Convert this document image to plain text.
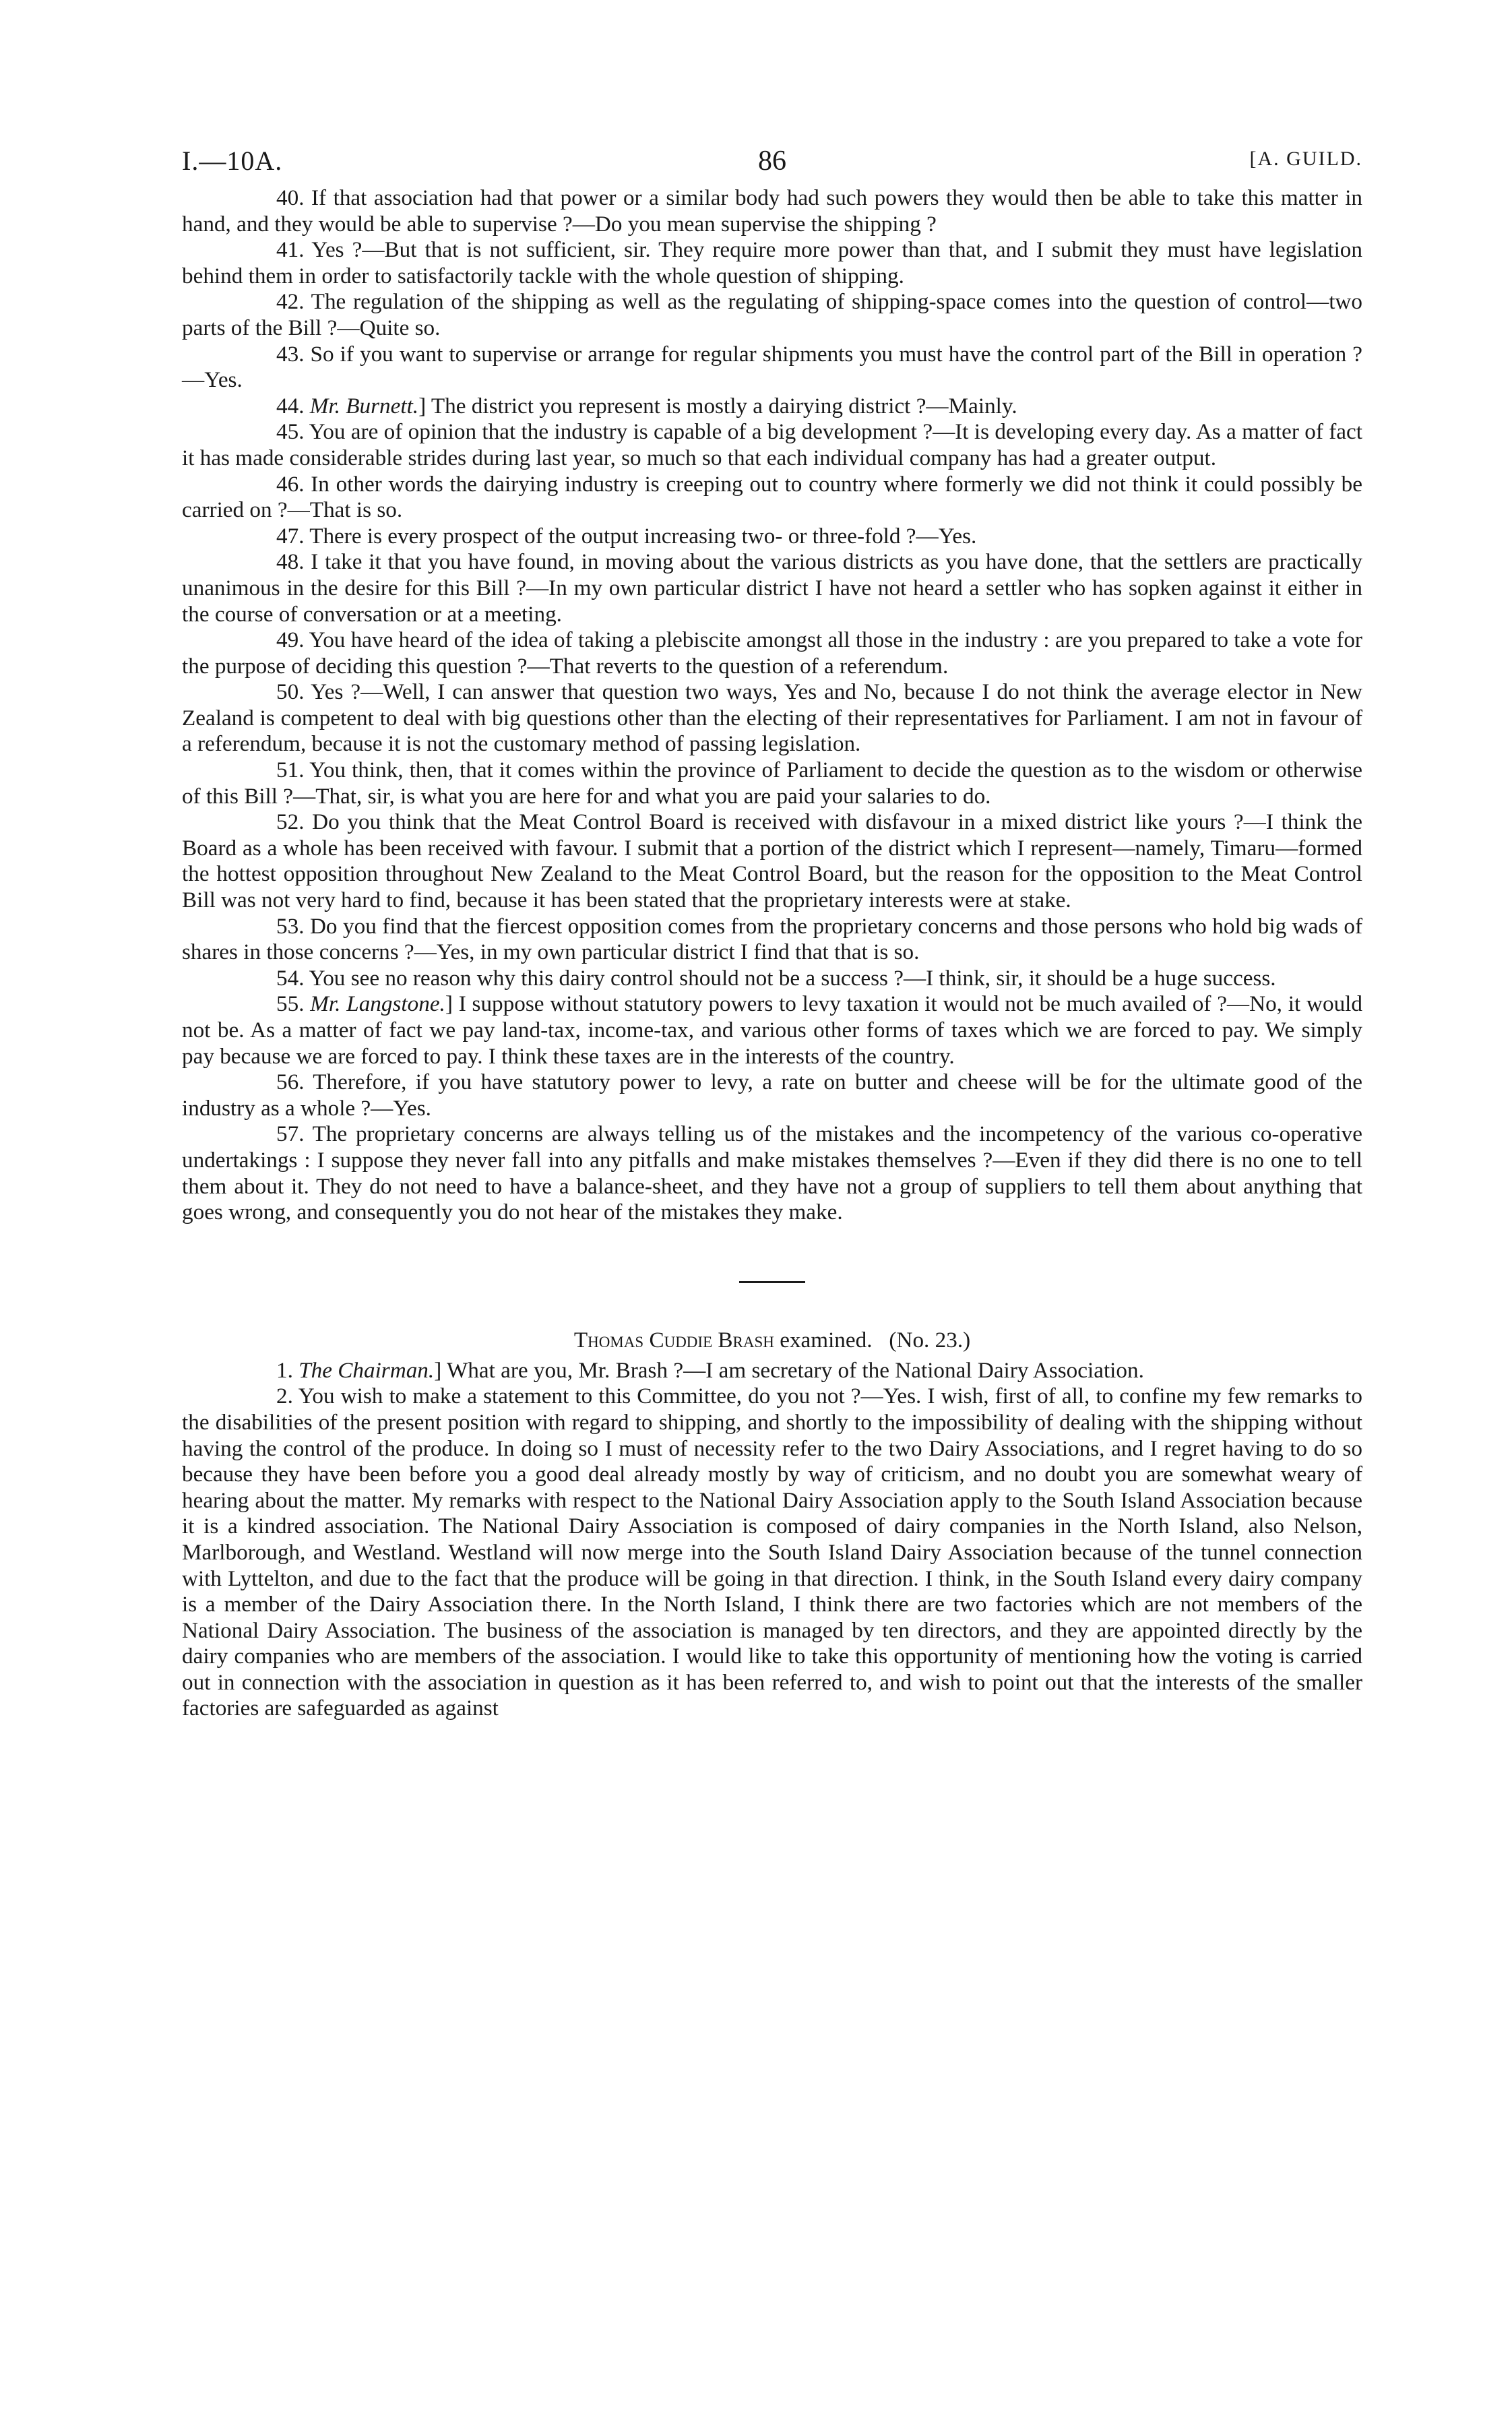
I.—10A.	86	[A. GUILD.

40. If that association had that power or a similar body had such powers they would then be able to take this matter in hand, and they would be able to supervise ?—Do you mean supervise the shipping ?

41. Yes ?—But that is not sufficient, sir. They require more power than that, and I submit they must have legislation behind them in order to satisfactorily tackle with the whole question of shipping.

42. The regulation of the shipping as well as the regulating of shipping-space comes into the question of control—two parts of the Bill ?—Quite so.

43. So if you want to supervise or arrange for regular shipments you must have the control part of the Bill in operation ?—Yes.

44. Mr. Burnett.] The district you represent is mostly a dairying district ?—Mainly.

45. You are of opinion that the industry is capable of a big development ?—It is developing every day. As a matter of fact it has made considerable strides during last year, so much so that each individual company has had a greater output.

46. In other words the dairying industry is creeping out to country where formerly we did not think it could possibly be carried on ?—That is so.

47. There is every prospect of the output increasing two- or three-fold ?—Yes.

48. I take it that you have found, in moving about the various districts as you have done, that the settlers are practically unanimous in the desire for this Bill ?—In my own particular district I have not heard a settler who has sopken against it either in the course of conversation or at a meeting.

49. You have heard of the idea of taking a plebiscite amongst all those in the industry : are you prepared to take a vote for the purpose of deciding this question ?—That reverts to the question of a referendum.

50. Yes ?—Well, I can answer that question two ways, Yes and No, because I do not think the average elector in New Zealand is competent to deal with big questions other than the electing of their representatives for Parliament. I am not in favour of a referendum, because it is not the customary method of passing legislation.

51. You think, then, that it comes within the province of Parliament to decide the question as to the wisdom or otherwise of this Bill ?—That, sir, is what you are here for and what you are paid your salaries to do.

52. Do you think that the Meat Control Board is received with disfavour in a mixed district like yours ?—I think the Board as a whole has been received with favour. I submit that a portion of the district which I represent—namely, Timaru—formed the hottest opposition throughout New Zealand to the Meat Control Board, but the reason for the opposition to the Meat Control Bill was not very hard to find, because it has been stated that the proprietary interests were at stake.

53. Do you find that the fiercest opposition comes from the proprietary concerns and those persons who hold big wads of shares in those concerns ?—Yes, in my own particular district I find that that is so.

54. You see no reason why this dairy control should not be a success ?—I think, sir, it should be a huge success.

55. Mr. Langstone.] I suppose without statutory powers to levy taxation it would not be much availed of ?—No, it would not be. As a matter of fact we pay land-tax, income-tax, and various other forms of taxes which we are forced to pay. We simply pay because we are forced to pay. I think these taxes are in the interests of the country.

56. Therefore, if you have statutory power to levy, a rate on butter and cheese will be for the ultimate good of the industry as a whole ?—Yes.

57. The proprietary concerns are always telling us of the mistakes and the incompetency of the various co-operative undertakings : I suppose they never fall into any pitfalls and make mistakes themselves ?—Even if they did there is no one to tell them about it. They do not need to have a balance-sheet, and they have not a group of suppliers to tell them about anything that goes wrong, and consequently you do not hear of the mistakes they make.

Thomas Cuddie Brash examined. (No. 23.)

1. The Chairman.] What are you, Mr. Brash ?—I am secretary of the National Dairy Association.

2. You wish to make a statement to this Committee, do you not ?—Yes. I wish, first of all, to confine my few remarks to the disabilities of the present position with regard to shipping, and shortly to the impossibility of dealing with the shipping without having the control of the produce. In doing so I must of necessity refer to the two Dairy Associations, and I regret having to do so because they have been before you a good deal already mostly by way of criticism, and no doubt you are somewhat weary of hearing about the matter. My remarks with respect to the National Dairy Association apply to the South Island Association because it is a kindred association. The National Dairy Association is composed of dairy companies in the North Island, also Nelson, Marlborough, and Westland. Westland will now merge into the South Island Dairy Association because of the tunnel connection with Lyttelton, and due to the fact that the produce will be going in that direction. I think, in the South Island every dairy company is a member of the Dairy Association there. In the North Island, I think there are two factories which are not members of the National Dairy Association. The business of the association is managed by ten directors, and they are appointed directly by the dairy companies who are members of the association. I would like to take this opportunity of mentioning how the voting is carried out in connection with the association in question as it has been referred to, and wish to point out that the interests of the smaller factories are safeguarded as against
